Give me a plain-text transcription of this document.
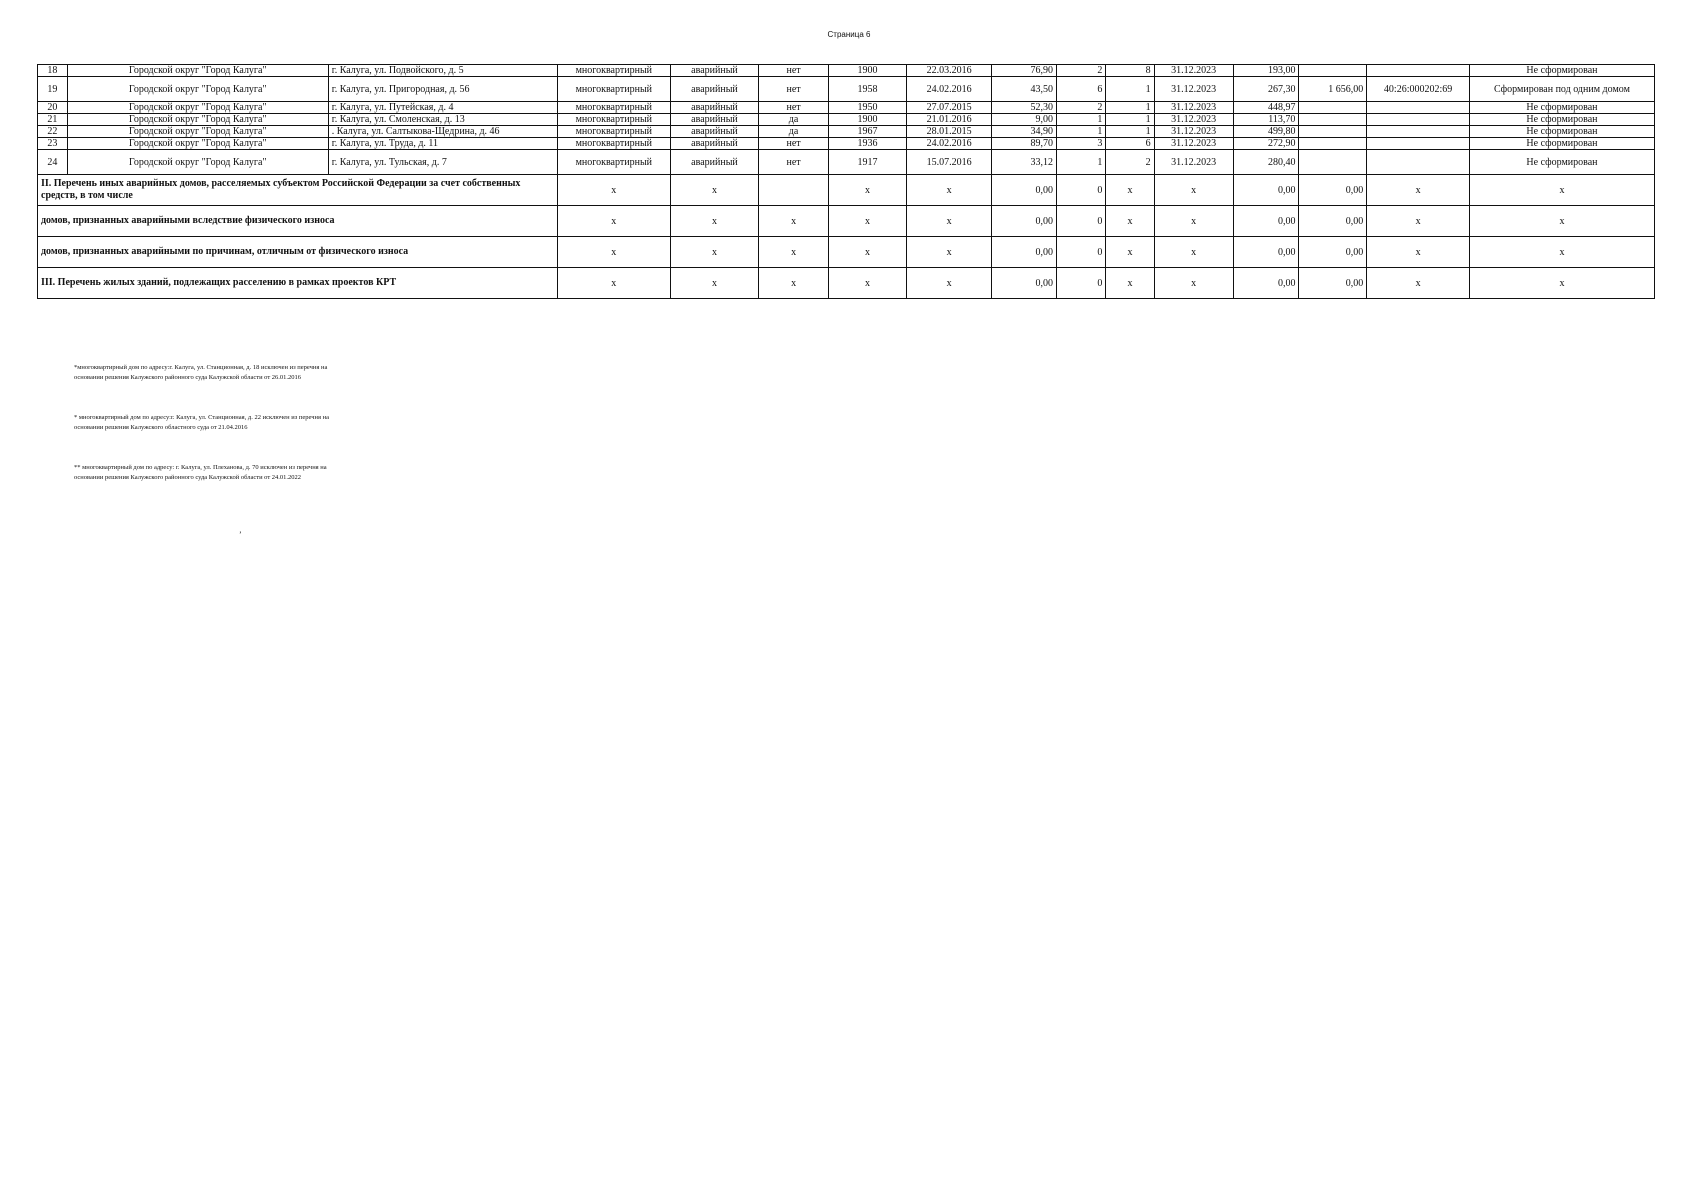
Страница 6
18	Городской округ "Город Калуга"	г. Калуга, ул. Подвойского, д. 5	многоквартирный	аварийный	нет	1900	22.03.2016	76,90	2	8	31.12.2023	193,00			Не сформирован
19	Городской округ "Город Калуга"	г. Калуга, ул. Пригородная, д. 56	многоквартирный	аварийный	нет	1958	24.02.2016	43,50	6	1	31.12.2023	267,30	1 656,00	40:26:000202:69	Сформирован под одним домом
20	Городской округ "Город Калуга"	г. Калуга, ул. Путейская, д. 4	многоквартирный	аварийный	нет	1950	27.07.2015	52,30	2	1	31.12.2023	448,97			Не сформирован
21	Городской округ "Город Калуга"	г. Калуга, ул. Смоленская, д. 13	многоквартирный	аварийный	да	1900	21.01.2016	9,00	1	1	31.12.2023	113,70			Не сформирован
22	Городской округ "Город Калуга"	. Калуга, ул. Салтыкова-Щедрина, д. 46	многоквартирный	аварийный	да	1967	28.01.2015	34,90	1	1	31.12.2023	499,80			Не сформирован
23	Городской округ "Город Калуга"	г. Калуга, ул. Труда, д. 11	многоквартирный	аварийный	нет	1936	24.02.2016	89,70	3	6	31.12.2023	272,90			Не сформирован
24	Городской округ "Город Калуга"	г. Калуга, ул. Тульская, д. 7	многоквартирный	аварийный	нет	1917	15.07.2016	33,12	1	2	31.12.2023	280,40			Не сформирован
II. Перечень иных аварийных домов, расселяемых субъектом Российской Федерации за счет собственных средств, в том числе			x	x		x	x	0,00	0	x	x	0,00	0,00	x	x
домов, признанных аварийными вследствие физического износа			x	x	x	x	x	0,00	0	x	x	0,00	0,00	x	x
домов, признанных аварийными по причинам, отличным от физического износа			x	x	x	x	x	0,00	0	x	x	0,00	0,00	x	x
III. Перечень жилых зданий, подлежащих расселению в рамках проектов КРТ			x	x	x	x	x	0,00	0	x	x	0,00	0,00	x	x
*многоквартирный дом по адресу:г. Калуга, ул. Станционная, д. 18 исключен из перечня на основании решения Калужского районного суда Калужской области от 26.01.2016
* многоквартирный дом по адресу:г. Калуга, ул. Станционная, д. 22 исключен из перечня на основании решения Калужского областного суда от 21.04.2016
** многоквартирный дом по адресу: г. Калуга, ул. Плеханова, д. 70 исключен из перечня на основании решения Калужского районного суда Калужской области от 24.01.2022
ʼ
